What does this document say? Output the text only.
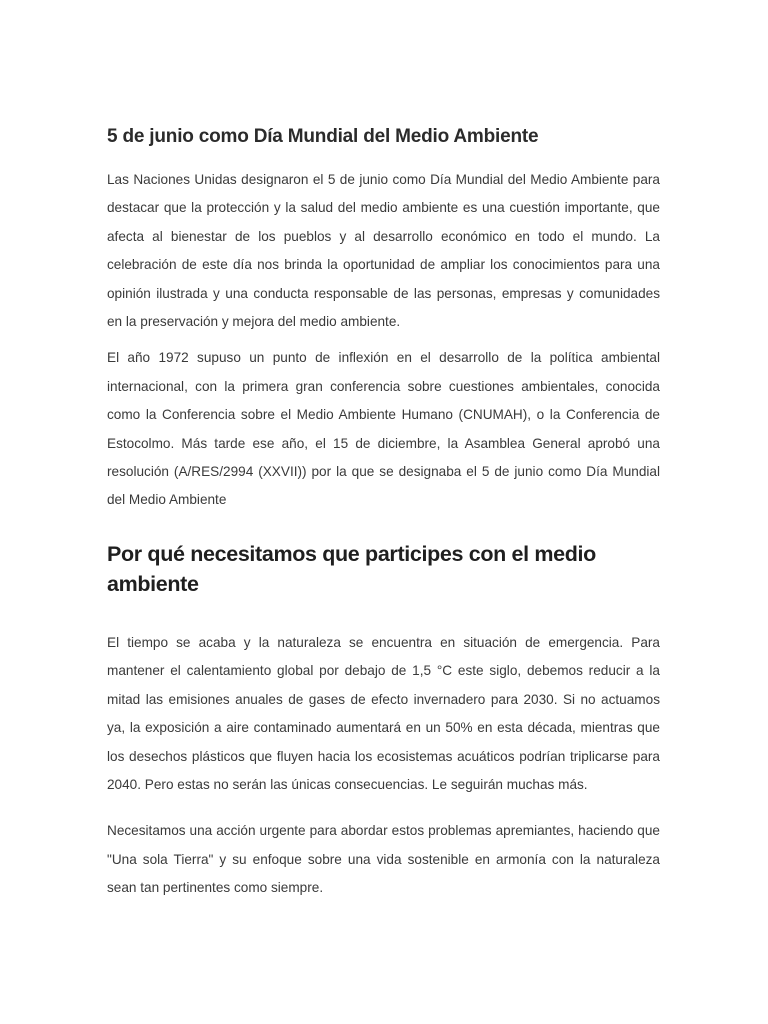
5 de junio como Día Mundial del Medio Ambiente

Las Naciones Unidas designaron el 5 de junio como Día Mundial del Medio Ambiente para destacar que la protección y la salud del medio ambiente es una cuestión importante, que afecta al bienestar de los pueblos y al desarrollo económico en todo el mundo. La celebración de este día nos brinda la oportunidad de ampliar los conocimientos para una opinión ilustrada y una conducta responsable de las personas, empresas y comunidades en la preservación y mejora del medio ambiente.

El año 1972 supuso un punto de inflexión en el desarrollo de la política ambiental internacional, con la primera gran conferencia sobre cuestiones ambientales, conocida como la Conferencia sobre el Medio Ambiente Humano (CNUMAH), o la Conferencia de Estocolmo. Más tarde ese año, el 15 de diciembre, la Asamblea General aprobó una resolución (A/RES/2994 (XXVII)) por la que se designaba el 5 de junio como Día Mundial del Medio Ambiente

Por qué necesitamos que participes con el medio ambiente

El tiempo se acaba y la naturaleza se encuentra en situación de emergencia. Para mantener el calentamiento global por debajo de 1,5 °C este siglo, debemos reducir a la mitad las emisiones anuales de gases de efecto invernadero para 2030. Si no actuamos ya, la exposición a aire contaminado aumentará en un 50% en esta década, mientras que los desechos plásticos que fluyen hacia los ecosistemas acuáticos podrían triplicarse para 2040. Pero estas no serán las únicas consecuencias. Le seguirán muchas más.

Necesitamos una acción urgente para abordar estos problemas apremiantes, haciendo que "Una sola Tierra" y su enfoque sobre una vida sostenible en armonía con la naturaleza sean tan pertinentes como siempre.
